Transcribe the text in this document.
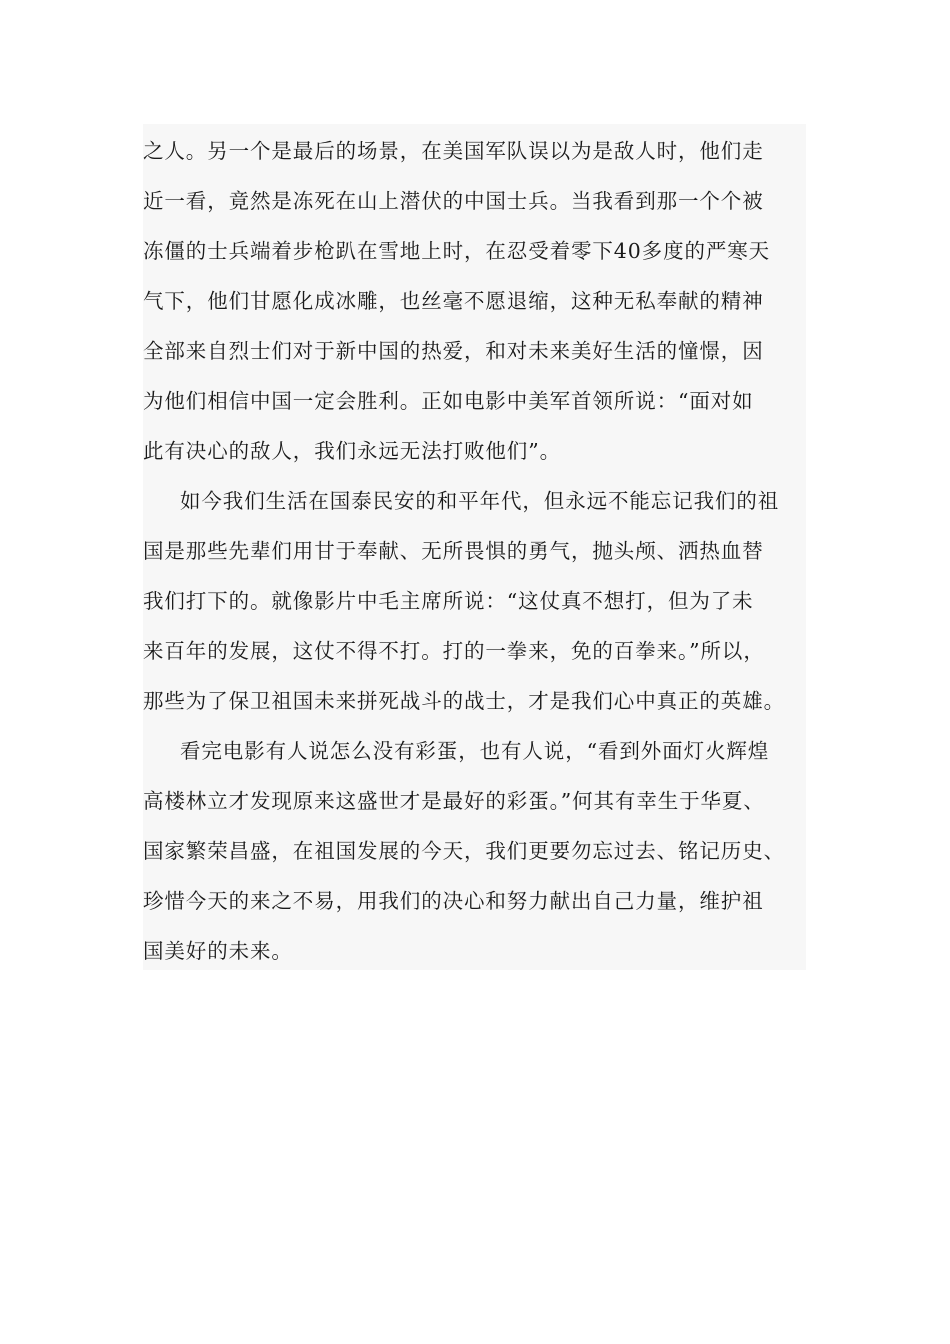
之人。另一个是最后的场景，在美国军队误以为是敌人时，他们走
近一看，竟然是冻死在山上潜伏的中国士兵。当我看到那一个个被
冻僵的士兵端着步枪趴在雪地上时，在忍受着零下40多度的严寒天
气下，他们甘愿化成冰雕，也丝毫不愿退缩，这种无私奉献的精神
全部来自烈士们对于新中国的热爱，和对未来美好生活的憧憬，因
为他们相信中国一定会胜利。正如电影中美军首领所说：“面对如
此有决心的敌人，我们永远无法打败他们”。
如今我们生活在国泰民安的和平年代，但永远不能忘记我们的祖
国是那些先辈们用甘于奉献、无所畏惧的勇气，抛头颅、洒热血替
我们打下的。就像影片中毛主席所说：“这仗真不想打，但为了未
来百年的发展，这仗不得不打。打的一拳来，免的百拳来。”所以，
那些为了保卫祖国未来拼死战斗的战士，才是我们心中真正的英雄。
看完电影有人说怎么没有彩蛋，也有人说，“看到外面灯火辉煌
高楼林立才发现原来这盛世才是最好的彩蛋。”何其有幸生于华夏、
国家繁荣昌盛，在祖国发展的今天，我们更要勿忘过去、铭记历史、
珍惜今天的来之不易，用我们的决心和努力献出自己力量，维护祖
国美好的未来。
